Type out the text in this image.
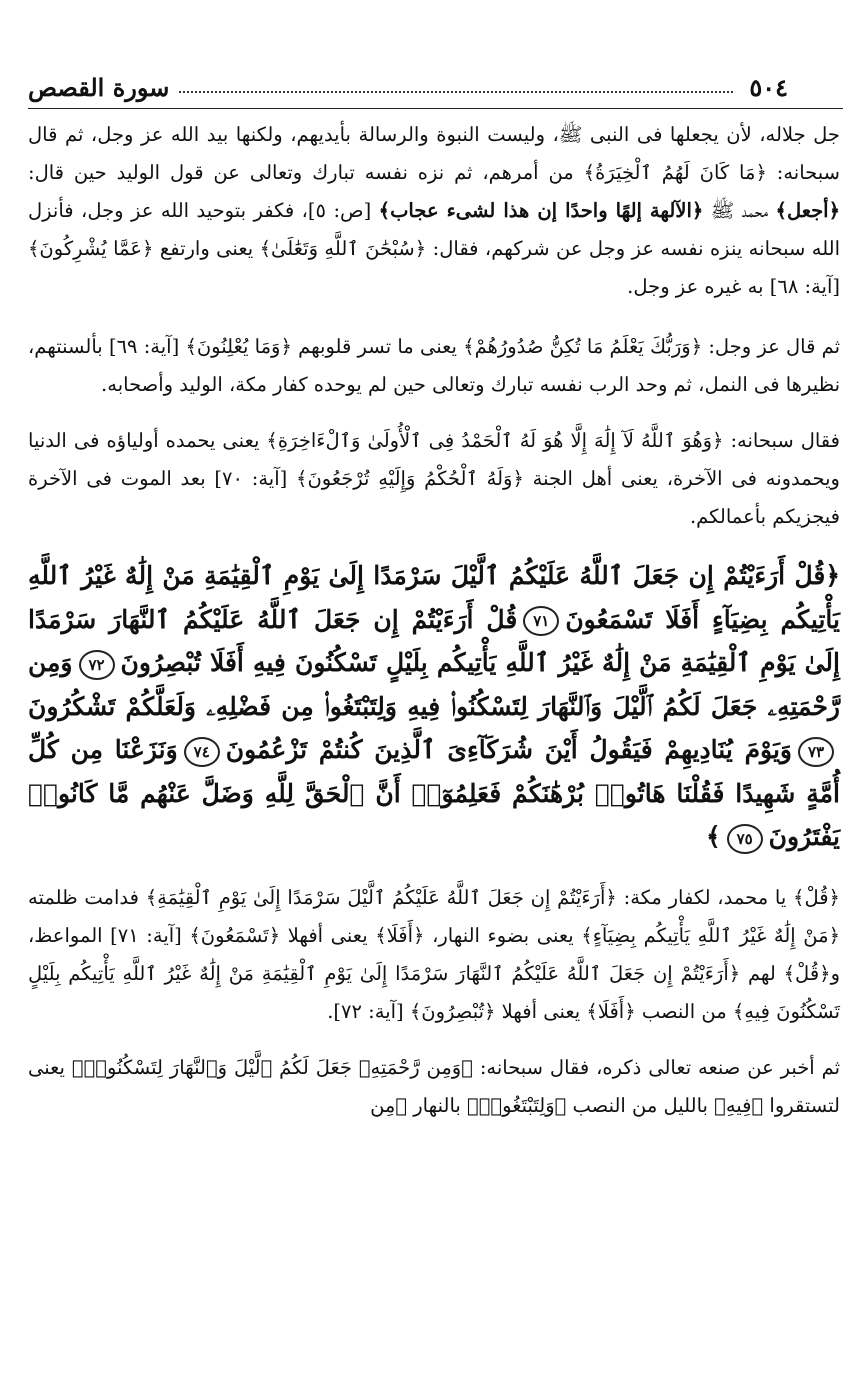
٥٠٤
سورة القصص

جل جلاله، لأن يجعلها فى النبى ﷺ، وليست النبوة والرسالة بأيديهم، ولكنها بيد الله عز وجل، ثم قال سبحانه: ﴿مَا كَانَ لَهُمُ ٱلْخِيَرَةُ﴾ من أمرهم، ثم نزه نفسه تبارك وتعالى عن قول الوليد حين قال: ﴿أجعل﴾ محمد ﷺ ﴿الآلهة إلهًا واحدًا إن هذا لشىء عجاب﴾ [ص: ٥]، فكفر بتوحيد الله عز وجل، فأنزل الله سبحانه ينزه نفسه عز وجل عن شركهم، فقال: ﴿سُبْحَٰنَ ٱللَّهِ وَتَعَٰلَىٰ﴾ يعنى وارتفع ﴿عَمَّا يُشْرِكُونَ﴾ [آية: ٦٨] به غيره عز وجل.

ثم قال عز وجل: ﴿وَرَبُّكَ يَعْلَمُ مَا تُكِنُّ صُدُورُهُمْ﴾ يعنى ما تسر قلوبهم ﴿وَمَا يُعْلِنُونَ﴾ [آية: ٦٩] بألسنتهم، نظيرها فى النمل، ثم وحد الرب نفسه تبارك وتعالى حين لم يوحده كفار مكة، الوليد وأصحابه.

فقال سبحانه: ﴿وَهُوَ ٱللَّهُ لَآ إِلَٰهَ إِلَّا هُوَ لَهُ ٱلْحَمْدُ فِى ٱلْأُولَىٰ وَٱلْءَاخِرَةِ﴾ يعنى يحمده أولياؤه فى الدنيا ويحمدونه فى الآخرة، يعنى أهل الجنة ﴿وَلَهُ ٱلْحُكْمُ وَإِلَيْهِ تُرْجَعُونَ﴾ [آية: ٧٠] بعد الموت فى الآخرة فيجزيكم بأعمالكم.

﴿قُلْ أَرَءَيْتُمْ إِن جَعَلَ ٱللَّهُ عَلَيْكُمُ ٱلَّيْلَ سَرْمَدًا إِلَىٰ يَوْمِ ٱلْقِيَٰمَةِ مَنْ إِلَٰهٌ غَيْرُ ٱللَّهِ يَأْتِيكُم بِضِيَآءٍ أَفَلَا تَسْمَعُونَ٧١قُلْ أَرَءَيْتُمْ إِن جَعَلَ ٱللَّهُ عَلَيْكُمُ ٱلنَّهَارَ سَرْمَدًا إِلَىٰ يَوْمِ ٱلْقِيَٰمَةِ مَنْ إِلَٰهٌ غَيْرُ ٱللَّهِ يَأْتِيكُم بِلَيْلٍ تَسْكُنُونَ فِيهِ أَفَلَا تُبْصِرُونَ٧٢وَمِن رَّحْمَتِهِۦ جَعَلَ لَكُمُ ٱلَّيْلَ وَٱلنَّهَارَ لِتَسْكُنُوا۟ فِيهِ وَلِتَبْتَغُوا۟ مِن فَضْلِهِۦ وَلَعَلَّكُمْ تَشْكُرُونَ٧٣وَيَوْمَ يُنَادِيهِمْ فَيَقُولُ أَيْنَ شُرَكَآءِىَ ٱلَّذِينَ كُنتُمْ تَزْعُمُونَ٧٤وَنَزَعْنَا مِن كُلِّ أُمَّةٍ شَهِيدًا فَقُلْنَا هَاتُوا۟ بُرْهَٰنَكُمْ فَعَلِمُوٓا۟ أَنَّ ٱلْحَقَّ لِلَّهِ وَضَلَّ عَنْهُم مَّا كَانُوا۟ يَفْتَرُونَ٧٥﴾

﴿قُلْ﴾ يا محمد، لكفار مكة: ﴿أَرَءَيْتُمْ إِن جَعَلَ ٱللَّهُ عَلَيْكُمُ ٱلَّيْلَ سَرْمَدًا إِلَىٰ يَوْمِ ٱلْقِيَٰمَةِ﴾ فدامت ظلمته ﴿مَنْ إِلَٰهٌ غَيْرُ ٱللَّهِ يَأْتِيكُم بِضِيَآءٍ﴾ يعنى بضوء النهار، ﴿أَفَلَا﴾ يعنى أفهلا ﴿تَسْمَعُونَ﴾ [آية: ٧١] المواعظ، و﴿قُلْ﴾ لهم ﴿أَرَءَيْتُمْ إِن جَعَلَ ٱللَّهُ عَلَيْكُمُ ٱلنَّهَارَ سَرْمَدًا إِلَىٰ يَوْمِ ٱلْقِيَٰمَةِ مَنْ إِلَٰهٌ غَيْرُ ٱللَّهِ يَأْتِيكُم بِلَيْلٍ تَسْكُنُونَ فِيهِ﴾ من النصب ﴿أَفَلَا﴾ يعنى أفهلا ﴿تُبْصِرُونَ﴾ [آية: ٧٢].

ثم أخبر عن صنعه تعالى ذكره، فقال سبحانه: ﴿وَمِن رَّحْمَتِهِۦ جَعَلَ لَكُمُ ٱلَّيْلَ وَٱلنَّهَارَ لِتَسْكُنُوا۟﴾ يعنى لتستقروا ﴿فِيهِ﴾ بالليل من النصب ﴿وَلِتَبْتَغُوا۟﴾ بالنهار ﴿مِن
